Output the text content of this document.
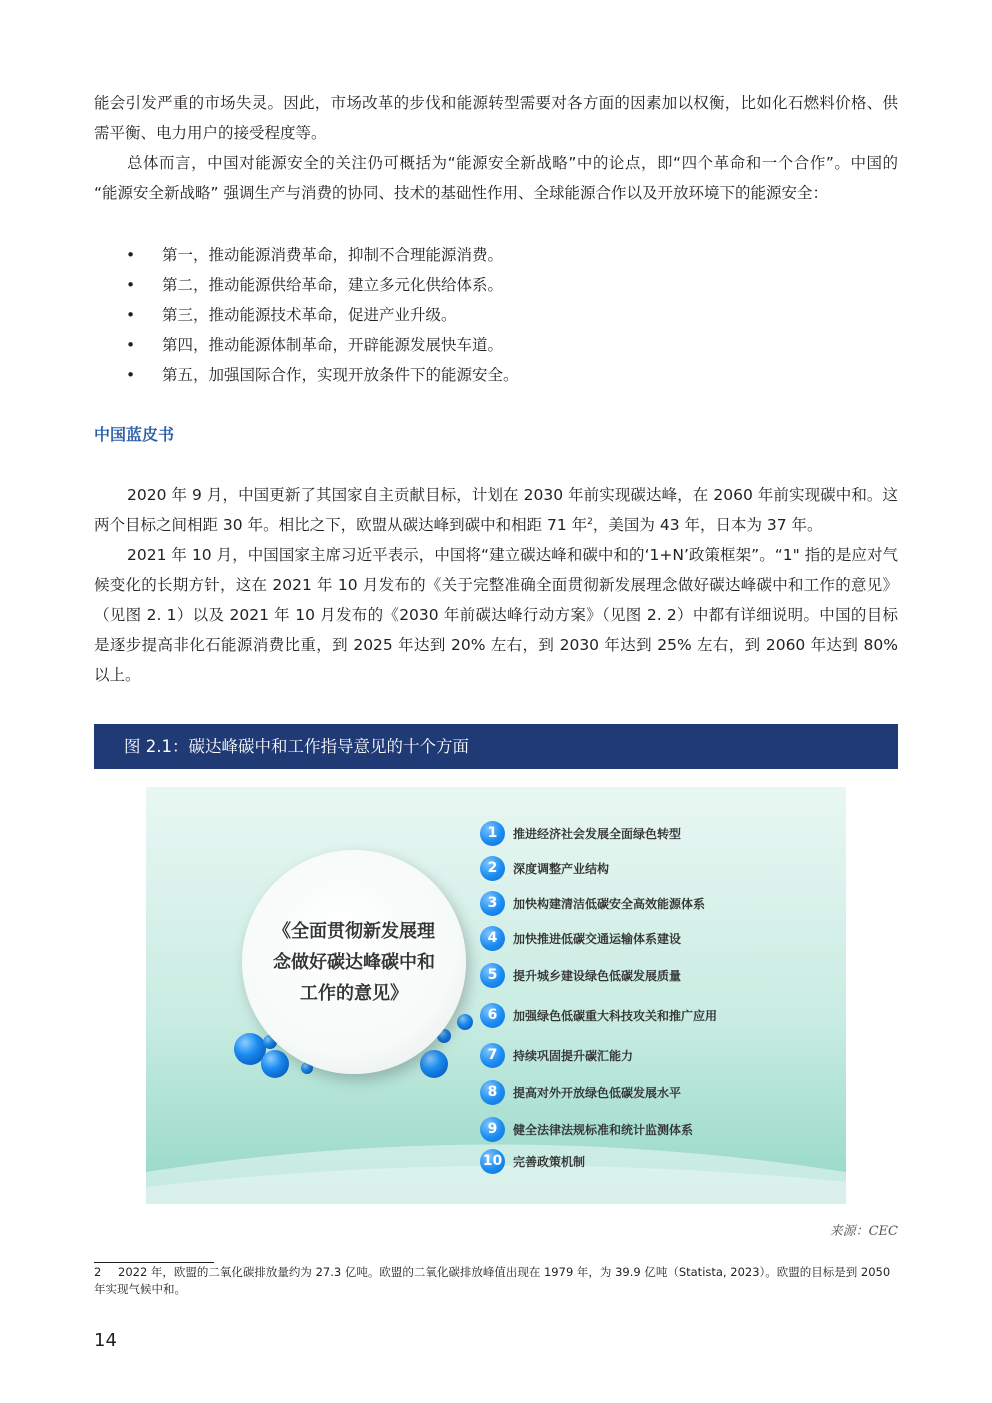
能会引发严重的市场失灵。因此，市场改革的步伐和能源转型需要对各方面的因素加以权衡，比如化石燃料价格、供需平衡、电力用户的接受程度等。

总体而言，中国对能源安全的关注仍可概括为“能源安全新战略”中的论点，即“四个革命和一个合作”。中国的 “能源安全新战略” 强调生产与消费的协同、技术的基础性作用、全球能源合作以及开放环境下的能源安全：

• 第一，推动能源消费革命，抑制不合理能源消费。
• 第二，推动能源供给革命，建立多元化供给体系。
• 第三，推动能源技术革命，促进产业升级。
• 第四，推动能源体制革命，开辟能源发展快车道。
• 第五，加强国际合作，实现开放条件下的能源安全。
中国蓝皮书

2020 年 9 月，中国更新了其国家自主贡献目标，计划在 2030 年前实现碳达峰，在 2060 年前实现碳中和。这两个目标之间相距 30 年。相比之下，欧盟从碳达峰到碳中和相距 71 年$^2$，美国为 43 年，日本为 37 年。

2021 年 10 月，中国国家主席习近平表示，中国将“建立碳达峰和碳中和的‘1+N’政策框架”。“1" 指的是应对气候变化的长期方针，这在 2021 年 10 月发布的《关于完整准确全面贯彻新发展理念做好碳达峰碳中和工作的意见》（见图 2. 1）以及 2021 年 10 月发布的《2030 年前碳达峰行动方案》（见图 2. 2）中都有详细说明。中国的目标是逐步提高非化石能源消费比重，到 2025 年达到 20% 左右，到 2030 年达到 25% 左右，到 2060 年达到 80% 以上。

图 2.1：碳达峰碳中和工作指导意见的十个方面
《全面贯彻新发展理念做好碳达峰碳中和工作的意见》
1	推进经济社会发展全面绿色转型
2	深度调整产业结构
3	加快构建清洁低碳安全高效能源体系
4	加快推进低碳交通运输体系建设
5	提升城乡建设绿色低碳发展质量
6	加强绿色低碳重大科技攻关和推广应用
7	持续巩固提升碳汇能力
8	提高对外开放绿色低碳发展水平
9	健全法律法规标准和统计监测体系
10 完善政策机制
来源：CEC

2 2022 年，欧盟的二氧化碳排放量约为 27.3 亿吨。欧盟的二氧化碳排放峰值出现在 1979 年，为 39.9 亿吨（Statista, 2023）。欧盟的目标是到 2050 年实现气候中和。

14
